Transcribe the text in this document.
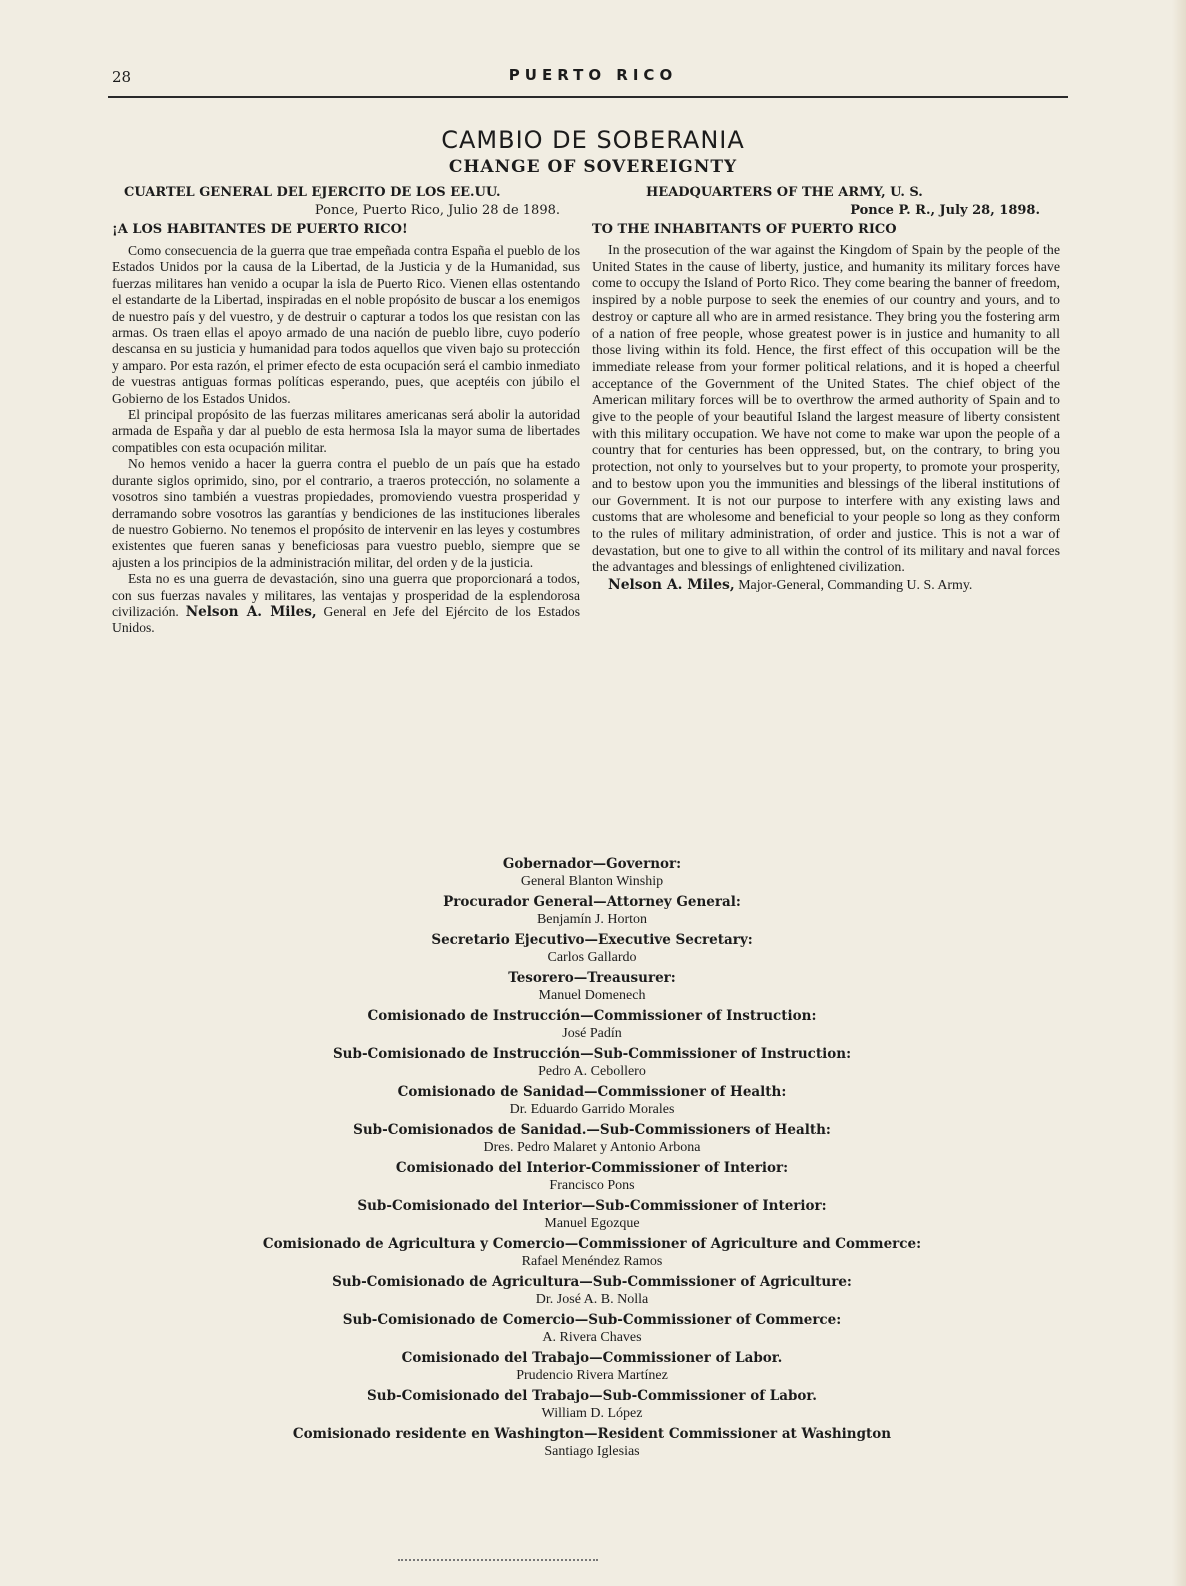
28	PUERTO RICO
CAMBIO DE SOBERANIA
CHANGE OF SOVEREIGNTY
CUARTEL GENERAL DEL EJERCITO DE LOS EE.UU.
Ponce, Puerto Rico, Julio 28 de 1898.
¡A LOS HABITANTES DE PUERTO RICO!

Como consecuencia de la guerra que trae empeñada contra España el pueblo de los Estados Unidos por la causa de la Libertad, de la Justicia y de la Humanidad, sus fuerzas militares han venido a ocupar la isla de Puerto Rico. Vienen ellas ostentando el estandarte de la Libertad, inspiradas en el noble propósito de buscar a los enemigos de nuestro país y del vuestro, y de destruir o capturar a todos los que resistan con las armas. Os traen ellas el apoyo armado de una nación de pueblo libre, cuyo poderío descansa en su justicia y humanidad para todos aquellos que viven bajo su protección y amparo. Por esta razón, el primer efecto de esta ocupación será el cambio inmediato de vuestras antiguas formas políticas esperando, pues, que aceptéis con júbilo el Gobierno de los Estados Unidos.

El principal propósito de las fuerzas militares americanas será abolir la autoridad armada de España y dar al pueblo de esta hermosa Isla la mayor suma de libertades compatibles con esta ocupación militar.

No hemos venido a hacer la guerra contra el pueblo de un país que ha estado durante siglos oprimido, sino, por el contrario, a traeros protección, no solamente a vosotros sino también a vuestras propiedades, promoviendo vuestra prosperidad y derramando sobre vosotros las garantías y bendiciones de las instituciones liberales de nuestro Gobierno. No tenemos el propósito de intervenir en las leyes y costumbres existentes que fueren sanas y beneficiosas para vuestro pueblo, siempre que se ajusten a los principios de la administración militar, del orden y de la justicia.

Esta no es una guerra de devastación, sino una guerra que proporcionará a todos, con sus fuerzas navales y militares, las ventajas y prosperidad de la esplendorosa civilización. Nelson A. Miles, General en Jefe del Ejército de los Estados Unidos.

HEADQUARTERS OF THE ARMY, U. S.
Ponce P. R., July 28, 1898.
TO THE INHABITANTS OF PUERTO RICO

In the prosecution of the war against the Kingdom of Spain by the people of the United States in the cause of liberty, justice, and humanity its military forces have come to occupy the Island of Porto Rico. They come bearing the banner of freedom, inspired by a noble purpose to seek the enemies of our country and yours, and to destroy or capture all who are in armed resistance. They bring you the fostering arm of a nation of free people, whose greatest power is in justice and humanity to all those living within its fold. Hence, the first effect of this occupation will be the immediate release from your former political relations, and it is hoped a cheerful acceptance of the Government of the United States. The chief object of the American military forces will be to overthrow the armed authority of Spain and to give to the people of your beautiful Island the largest measure of liberty consistent with this military occupation. We have not come to make war upon the people of a country that for centuries has been oppressed, but, on the contrary, to bring you protection, not only to yourselves but to your property, to promote your prosperity, and to bestow upon you the immunities and blessings of the liberal institutions of our Government. It is not our purpose to interfere with any existing laws and customs that are wholesome and beneficial to your people so long as they conform to the rules of military administration, of order and justice. This is not a war of devastation, but one to give to all within the control of its military and naval forces the advantages and blessings of enlightened civilization.

Nelson A. Miles, Major-General, Commanding U. S. Army.

Gobernador—Governor:
General Blanton Winship
Procurador General—Attorney General:
Benjamín J. Horton
Secretario Ejecutivo—Executive Secretary:
Carlos Gallardo
Tesorero—Treausurer:
Manuel Domenech
Comisionado de Instrucción—Commissioner of Instruction:
José Padín
Sub-Comisionado de Instrucción—Sub-Commissioner of Instruction:
Pedro A. Cebollero
Comisionado de Sanidad—Commissioner of Health:
Dr. Eduardo Garrido Morales
Sub-Comisionados de Sanidad.—Sub-Commissioners of Health:
Dres. Pedro Malaret y Antonio Arbona
Comisionado del Interior-Commissioner of Interior:
Francisco Pons
Sub-Comisionado del Interior—Sub-Commissioner of Interior:
Manuel Egozque
Comisionado de Agricultura y Comercio—Commissioner of Agriculture and Commerce:
Rafael Menéndez Ramos
Sub-Comisionado de Agricultura—Sub-Commissioner of Agriculture:
Dr. José A. B. Nolla
Sub-Comisionado de Comercio—Sub-Commissioner of Commerce:
A. Rivera Chaves
Comisionado del Trabajo—Commissioner of Labor.
Prudencio Rivera Martínez
Sub-Comisionado del Trabajo—Sub-Commissioner of Labor.
William D. López
Comisionado residente en Washington—Resident Commissioner at Washington
Santiago Iglesias
